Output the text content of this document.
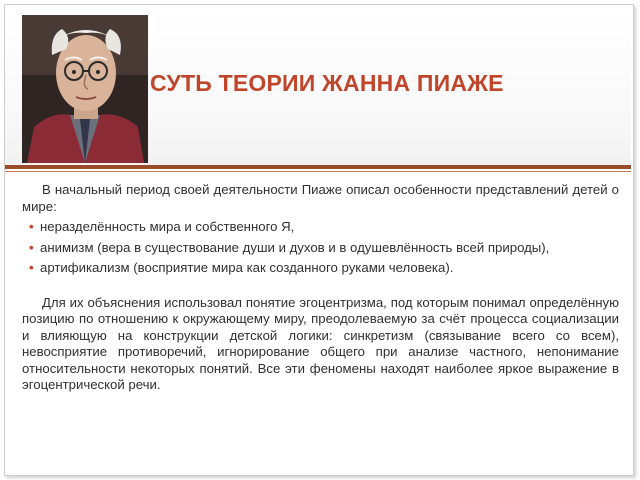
СУТЬ ТЕОРИИ ЖАННА ПИАЖЕ

В начальный период своей деятельности Пиаже описал особенности представлений детей о мире:

• неразделённость мира и собственного Я,
• анимизм (вера в существование души и духов и в одушевлённость всей природы),
• артификализм (восприятие мира как созданного руками человека).

Для их объяснения использовал понятие эгоцентризма, под которым понимал определённую позицию по отношению к окружающему миру, преодолеваемую за счёт процесса социализации и влияющую на конструкции детской логики: синкретизм (связывание всего со всем), невосприятие противоречий, игнорирование общего при анализе частного, непонимание относительности некоторых понятий. Все эти феномены находят наиболее яркое выражение в эгоцентрической речи.
